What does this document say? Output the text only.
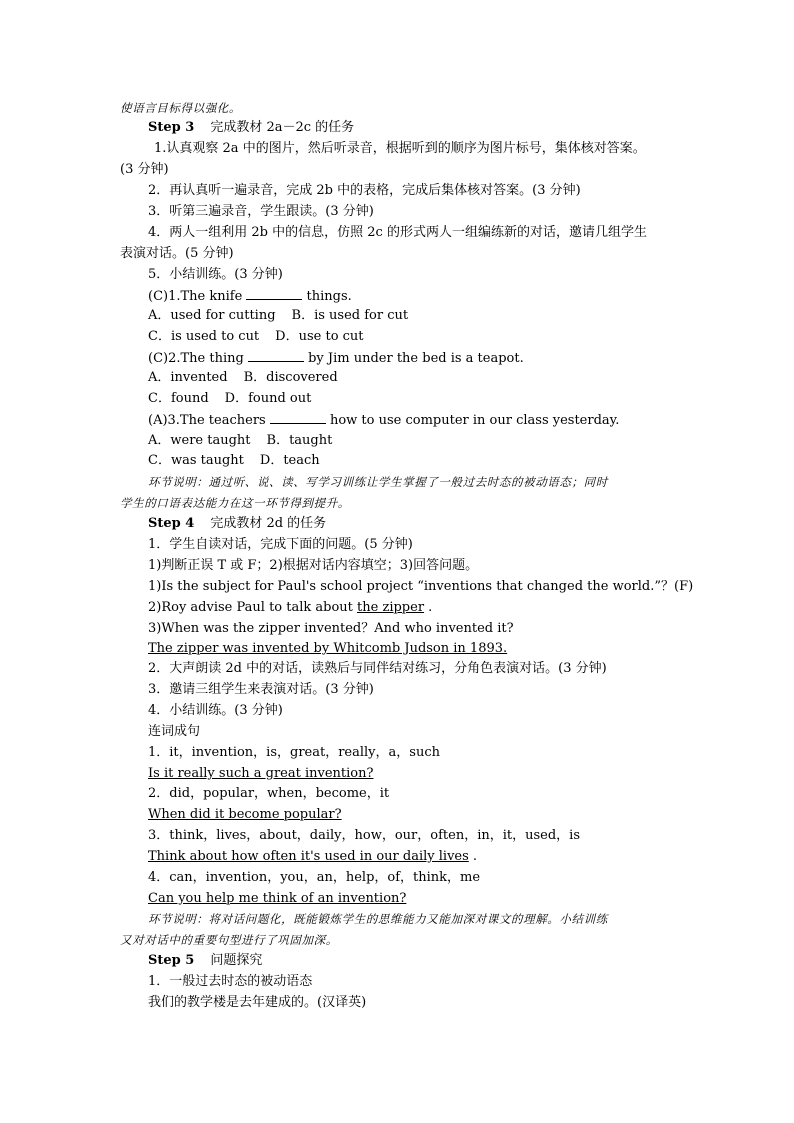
使语言目标得以强化。
Step 3 完成教材 2a－2c 的任务
1.认真观察 2a 中的图片，然后听录音，根据听到的顺序为图片标号，集体核对答案。
(3 分钟)
2．再认真听一遍录音，完成 2b 中的表格，完成后集体核对答案。(3 分钟)
3．听第三遍录音，学生跟读。(3 分钟)
4．两人一组利用 2b 中的信息，仿照 2c 的形式两人一组编练新的对话，邀请几组学生
表演对话。(5 分钟)
5．小结训练。(3 分钟)
(C)1.The knife	things.
A．used for cutting B．is used for cut
C．is used to cut D．use to cut
(C)2.The thing	by Jim under the bed is a teapot.
A．invented B．discovered
C．found D．found out
(A)3.The teachers	how to use computer in our class yesterday.
A．were taught B．taught
C．was taught D．teach
环节说明：通过听、说、读、写学习训练让学生掌握了一般过去时态的被动语态；同时
学生的口语表达能力在这一环节得到提升。
Step 4 完成教材 2d 的任务
1．学生自读对话，完成下面的问题。(5 分钟)
1)判断正误 T 或 F；2)根据对话内容填空；3)回答问题。
1)Is the subject for Paul's school project “inventions that changed the world.”？(F)
2)Roy advise Paul to talk about the zipper .
3)When was the zipper invented？And who invented it?
The zipper was invented by Whitcomb Judson in 1893.
2．大声朗读 2d 中的对话，读熟后与同伴结对练习，分角色表演对话。(3 分钟)
3．邀请三组学生来表演对话。(3 分钟)
4．小结训练。(3 分钟)
连词成句
1．it，invention，is，great，really，a，such
Is it really such a great invention?
2．did，popular，when，become，it
When did it become popular?
3．think，lives，about，daily，how，our，often，in，it，used，is
Think about how often it's used in our daily lives .
4．can，invention，you，an，help，of，think，me
Can you help me think of an invention?
环节说明：将对话问题化，既能锻炼学生的思维能力又能加深对课文的理解。小结训练
又对对话中的重要句型进行了巩固加深。
Step 5 问题探究
1．一般过去时态的被动语态
我们的教学楼是去年建成的。(汉译英)
